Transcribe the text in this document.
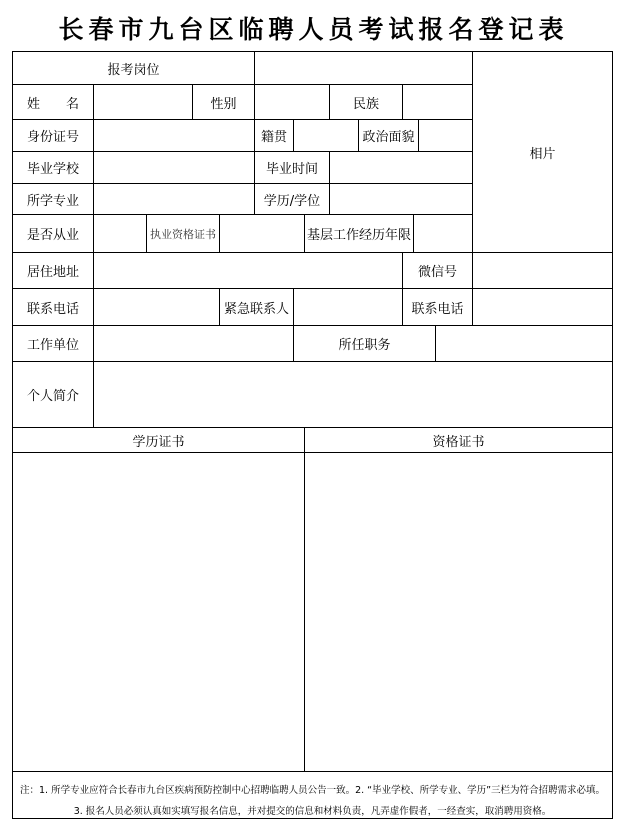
长春市九台区临聘人员考试报名登记表
报考岗位
相片
姓　　名	性别	民族
身份证号	籍贯	政治面貌
毕业学校	毕业时间
所学专业	学历/学位
是否从业	执业资格证书	基层工作经历年限
居住地址	微信号
联系电话	紧急联系人	联系电话
工作单位	所任职务
个人简介
学历证书	资格证书
注：1. 所学专业应符合长春市九台区疾病预防控制中心招聘临聘人员公告一致。2. “毕业学校、所学专业、学历”三栏为符合招聘需求必填。
3. 报名人员必须认真如实填写报名信息，并对提交的信息和材料负责，凡弄虚作假者，一经查实，取消聘用资格。
